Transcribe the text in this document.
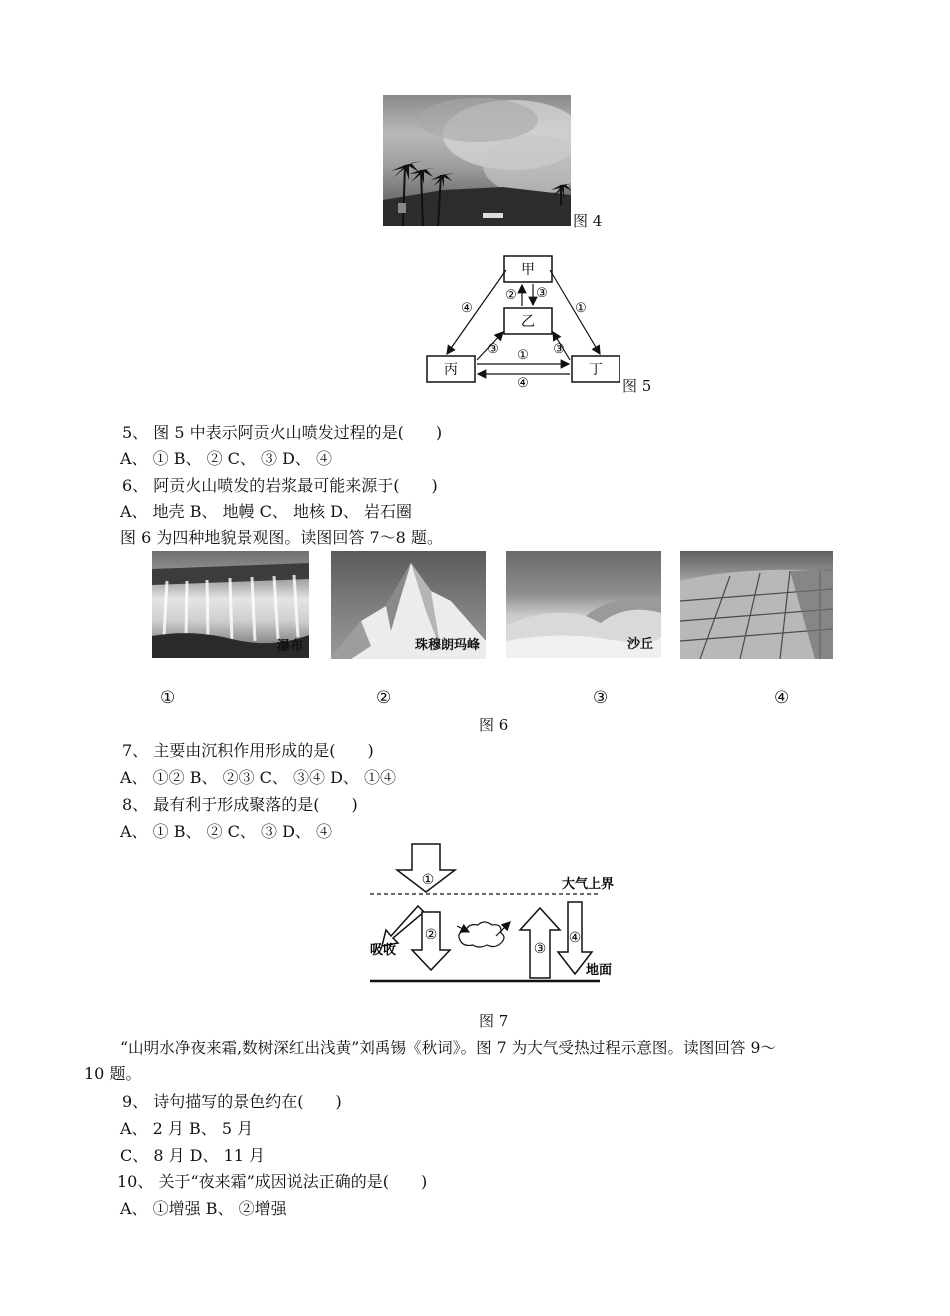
图 4
甲
乙
丙	丁
④	①
② ③
③	③
①
④	图 5
5、 图 5 中表示阿贡火山喷发过程的是(　　)
A、 ① B、 ② C、 ③ D、 ④
6、 阿贡火山喷发的岩浆最可能来源于(　　)
A、 地壳 B、 地幔 C、 地核 D、 岩石圈
图 6 为四种地貌景观图。读图回答 7～8 题。
瀑布	珠穆朗玛峰	沙丘
①	②	③	④
图 6
7、 主要由沉积作用形成的是(　　)
A、 ①② B、 ②③ C、 ③④ D、 ①④
8、 最有利于形成聚落的是(　　)
A、 ① B、 ② C、 ③ D、 ④
①
②
③
④
大气上界
地面
吸收
图 7
“山明水净夜来霜,数树深红出浅黄”刘禹锡《秋词》。图 7 为大气受热过程示意图。读图回答 9～
10 题。
9、 诗句描写的景色约在(　　)
A、 2 月 B、 5 月
C、 8 月 D、 11 月
10、 关于“夜来霜”成因说法正确的是(　　)
A、 ①增强 B、 ②增强
